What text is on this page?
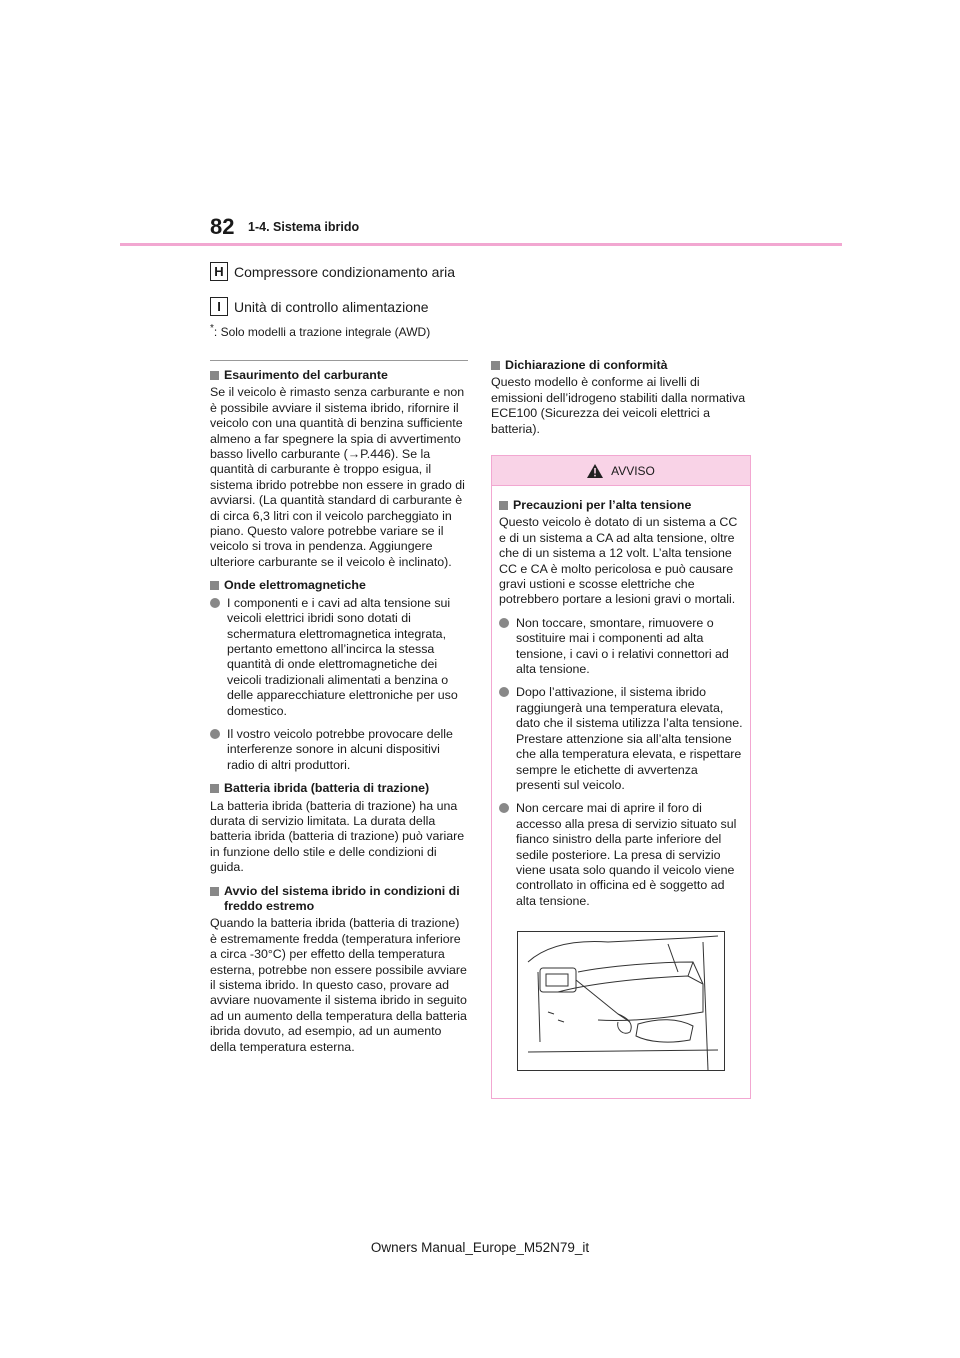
82 1-4. Sistema ibrido
H Compressore condizionamento aria
I Unità di controllo alimentazione
*: Solo modelli a trazione integrale (AWD)
Esaurimento del carburante

Se il veicolo è rimasto senza carburante e non è possibile avviare il sistema ibrido, rifornire il veicolo con una quantità di benzina sufficiente almeno a far spegnere la spia di avvertimento basso livello carburante (→P.446). Se la quantità di carburante è troppo esigua, il sistema ibrido potrebbe non essere in grado di avviarsi. (La quantità standard di carburante è di circa 6,3 litri con il veicolo parcheggiato in piano. Questo valore potrebbe variare se il veicolo si trova in pendenza. Aggiungere ulteriore carburante se il veicolo è inclinato).

Onde elettromagnetiche
I componenti e i cavi ad alta tensione sui veicoli elettrici ibridi sono dotati di schermatura elettromagnetica integrata, pertanto emettono all’incirca la stessa quantità di onde elettromagnetiche dei veicoli tradizionali alimentati a benzina o delle apparecchiature elettroniche per uso domestico.
Il vostro veicolo potrebbe provocare delle interferenze sonore in alcuni dispositivi radio di altri produttori.
Batteria ibrida (batteria di trazione)

La batteria ibrida (batteria di trazione) ha una durata di servizio limitata. La durata della batteria ibrida (batteria di trazione) può variare in funzione dello stile e delle condizioni di guida.

Avvio del sistema ibrido in condizioni di freddo estremo

Quando la batteria ibrida (batteria di trazione) è estremamente fredda (temperatura inferiore a circa -30°C) per effetto della temperatura esterna, potrebbe non essere possibile avviare il sistema ibrido. In questo caso, provare ad avviare nuovamente il sistema ibrido in seguito ad un aumento della temperatura della batteria ibrida dovuto, ad esempio, ad un aumento della temperatura esterna.

Dichiarazione di conformità

Questo modello è conforme ai livelli di emissioni dell’idrogeno stabiliti dalla normativa ECE100 (Sicurezza dei veicoli elettrici a batteria).

AVVISO
Precauzioni per l’alta tensione

Questo veicolo è dotato di un sistema a CC e di un sistema a CA ad alta tensione, oltre che di un sistema a 12 volt. L’alta tensione CC e CA è molto pericolosa e può causare gravi ustioni e scosse elettriche che potrebbero portare a lesioni gravi o mortali.

Non toccare, smontare, rimuovere o sostituire mai i componenti ad alta tensione, i cavi o i relativi connettori ad alta tensione.
Dopo l’attivazione, il sistema ibrido raggiungerà una temperatura elevata, dato che il sistema utilizza l’alta tensione. Prestare attenzione sia all’alta tensione che alla temperatura elevata, e rispettare sempre le etichette di avvertenza presenti sul veicolo.
Non cercare mai di aprire il foro di accesso alla presa di servizio situato sul fianco sinistro della parte inferiore del sedile posteriore. La presa di servizio viene usata solo quando il veicolo viene controllato in officina ed è soggetto ad alta tensione.
Owners Manual_Europe_M52N79_it
